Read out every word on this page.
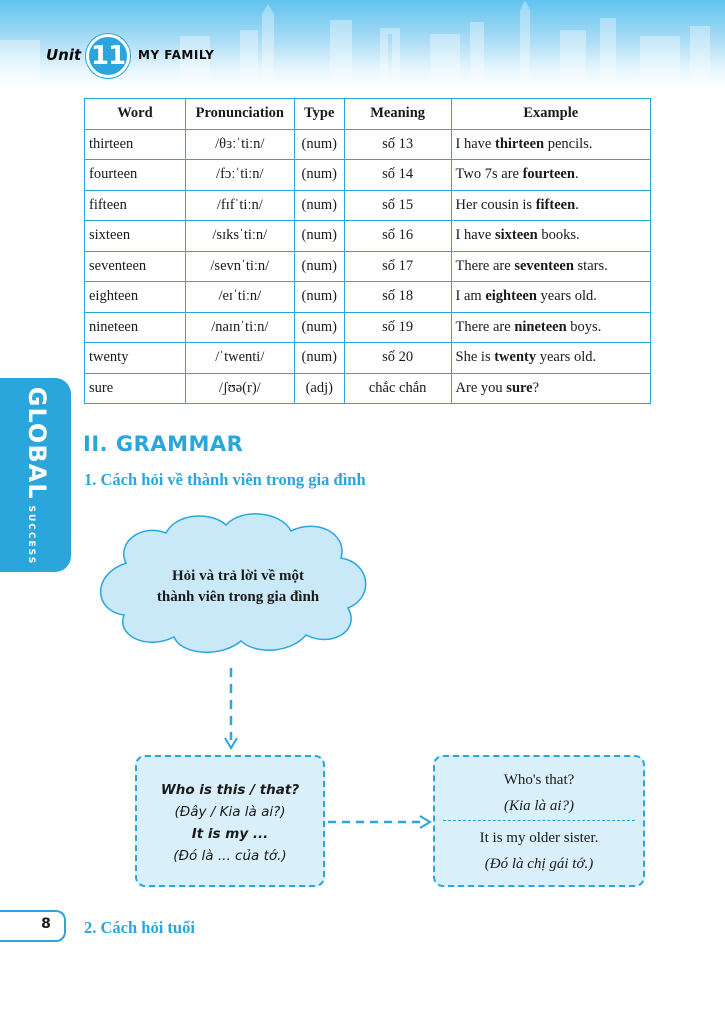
Unit 11	MY FAMILY
Word	Pronunciation	Type	Meaning	Example
thirteen	/θɜːˈtiːn/	(num)	số 13	I have thirteen pencils.
fourteen	/fɔːˈtiːn/	(num)	số 14	Two 7s are fourteen.
fifteen	/fɪfˈtiːn/	(num)	số 15	Her cousin is fifteen.
sixteen	/sɪksˈtiːn/	(num)	số 16	I have sixteen books.
seventeen	/sevnˈtiːn/	(num)	số 17	There are seventeen stars.
eighteen	/eɪˈtiːn/	(num)	số 18	I am eighteen years old.
nineteen	/naɪnˈtiːn/	(num)	số 19	There are nineteen boys.
twenty	/ˈtwenti/	(num)	số 20	She is twenty years old.
sure	/ʃʊə(r)/	(adj)	chắc chắn	Are you sure?
GLOBALSUCCESS
II. GRAMMAR
1. Cách hỏi về thành viên trong gia đình
Hỏi và trả lời về một
thành viên trong gia đình
Who is this / that?
(Đây / Kia là ai?)
It is my ...
(Đó là ... của tớ.)
Who's that?
(Kia là ai?)
It is my older sister.
(Đó là chị gái tớ.)
8	2. Cách hỏi tuổi
